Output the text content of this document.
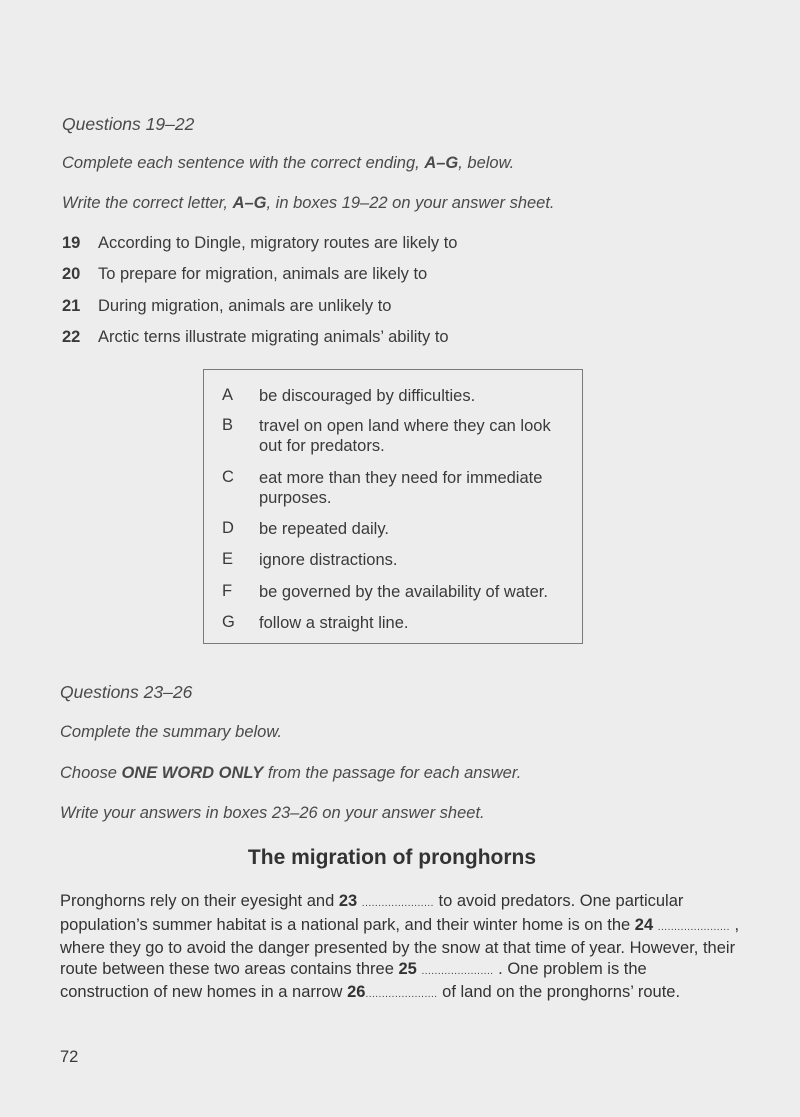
Questions 19–22
Complete each sentence with the correct ending, A–G, below.
Write the correct letter, A–G, in boxes 19–22 on your answer sheet.
19 According to Dingle, migratory routes are likely to
20 To prepare for migration, animals are likely to
21 During migration, animals are unlikely to
22 Arctic terns illustrate migrating animals’ ability to
A be discouraged by difficulties.
B travel on open land where they can look out for predators.
C eat more than they need for immediate purposes.
D be repeated daily.
E ignore distractions.
F be governed by the availability of water.
G follow a straight line.
Questions 23–26
Complete the summary below.
Choose ONE WORD ONLY from the passage for each answer.
Write your answers in boxes 23–26 on your answer sheet.
The migration of pronghorns
Pronghorns rely on their eyesight and 23 ...................... to avoid predators. One particular population’s summer habitat is a national park, and their winter home is on the 24 ...................... , where they go to avoid the danger presented by the snow at that time of year. However, their route between these two areas contains three 25 ...................... . One problem is the construction of new homes in a narrow 26...................... of land on the pronghorns’ route.
72
